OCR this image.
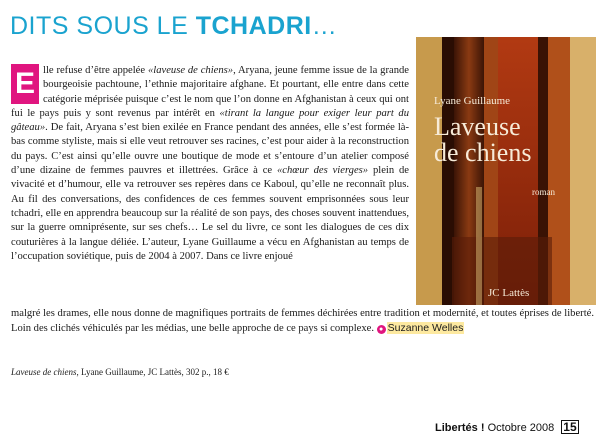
DITS SOUS LE TCHADRI…
E lle refuse d’être appelée «laveuse de chiens», Aryana, jeune femme issue de la grande bourgeoisie pachtoune, l’ethnie majoritaire afghane. Et pourtant, elle entre dans cette catégorie méprisée puisque c’est le nom que l’on donne en Afghanistan à ceux qui ont fui le pays puis y sont revenus par intérêt en «tirant la langue pour exiger leur part du gâteau». De fait, Aryana s’est bien exilée en France pendant des années, elle s’est formée là-bas comme styliste, mais si elle veut retrouver ses racines, c’est pour aider à la reconstruction du pays. C’est ainsi qu’elle ouvre une boutique de mode et s’entoure d’un atelier composé d’une dizaine de femmes pauvres et illettrées. Grâce à ce «chœur des vierges» plein de vivacité et d’humour, elle va retrouver ses repères dans ce Kaboul, qu’elle ne reconnaît plus. Au fil des conversations, des confidences de ces femmes souvent emprisonnées sous leur tchadri, elle en apprendra beaucoup sur la réalité de son pays, des choses souvent inattendues, sur la guerre omniprésente, sur ses chefs… Le sel du livre, ce sont les dialogues de ces dix couturières à la langue déliée. L’auteur, Lyane Guillaume a vécu en Afghanistan au temps de l’occupation soviétique, puis de 2004 à 2007. Dans ce livre enjoué

malgré les drames, elle nous donne de magnifiques portraits de femmes déchirées entre tradition et modernité, et toutes éprises de liberté. Loin des clichés véhiculés par les médias, une belle approche de ce pays si complexe. ● Suzanne Welles

Laveuse de chiens, Lyane Guillaume, JC Lattès, 302 p., 18 €
Lyane Guillaume
Laveuse
de chiens
roman
JC Lattès
Libertés ! Octobre 2008 15
